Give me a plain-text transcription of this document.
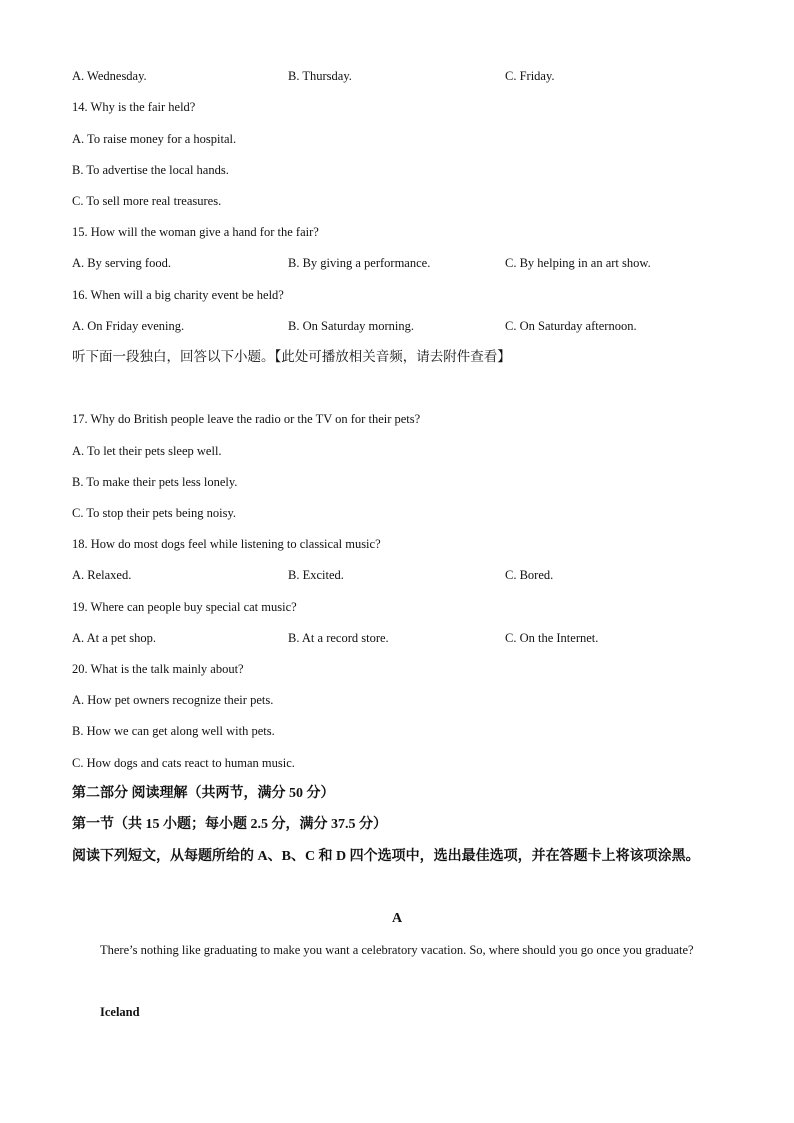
A. Wednesday.	B. Thursday.	C. Friday.
14. Why is the fair held?
A. To raise money for a hospital.
B. To advertise the local hands.
C. To sell more real treasures.
15. How will the woman give a hand for the fair?
A. By serving food.	B. By giving a performance.	C. By helping in an art show.
16. When will a big charity event be held?
A. On Friday evening.	B. On Saturday morning.	C. On Saturday afternoon.
听下面一段独白，回答以下小题。【此处可播放相关音频，请去附件查看】
17. Why do British people leave the radio or the TV on for their pets?
A. To let their pets sleep well.
B. To make their pets less lonely.
C. To stop their pets being noisy.
18. How do most dogs feel while listening to classical music?
A. Relaxed.	B. Excited.	C. Bored.
19. Where can people buy special cat music?
A. At a pet shop.	B. At a record store.	C. On the Internet.
20. What is the talk mainly about?
A. How pet owners recognize their pets.
B. How we can get along well with pets.
C. How dogs and cats react to human music.
第二部分 阅读理解（共两节，满分 50 分）
第一节（共 15 小题；每小题 2.5 分，满分 37.5 分）
阅读下列短文，从每题所给的 A、B、C 和 D 四个选项中，选出最佳选项，并在答题卡上将该项涂黑。
A
There’s nothing like graduating to make you want a celebratory vacation. So, where should you go once you graduate?
Iceland
